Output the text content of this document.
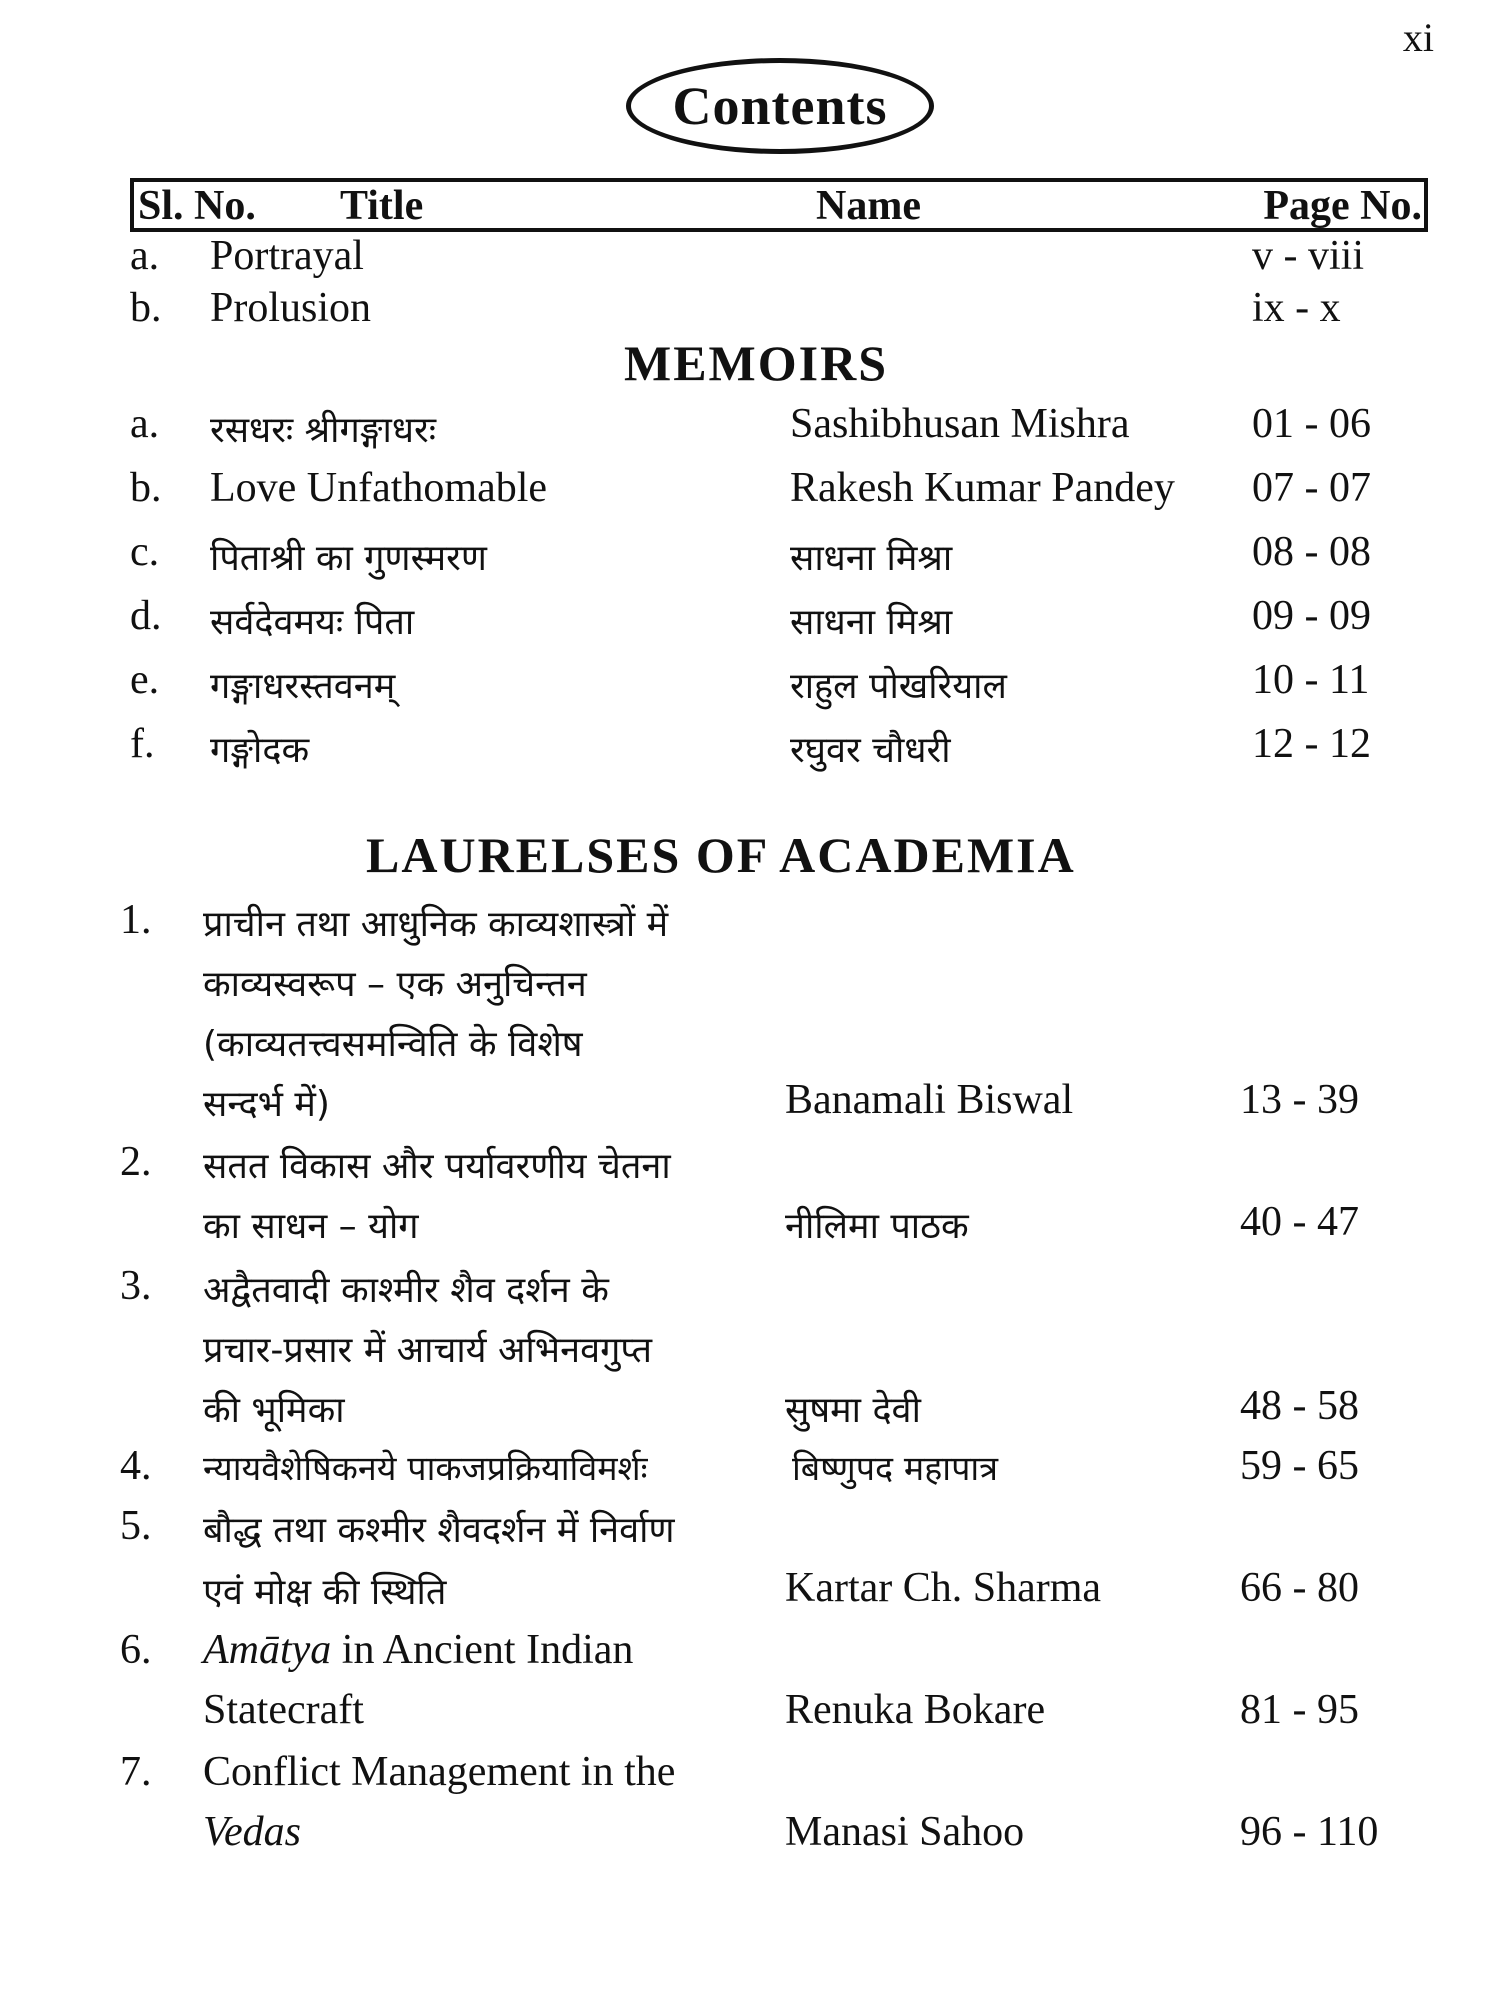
xi
Contents
Sl. No. Title	Name	Page No.
a. Portrayal	v - viii
b. Prolusion	ix - x
MEMOIRS
a. रसधरः श्रीगङ्गाधरः	Sashibhusan Mishra	01 - 06
b. Love Unfathomable	Rakesh Kumar Pandey 07 - 07
c. पिताश्री का गुणस्मरण	साधना मिश्रा	08 - 08
d. सर्वदेवमयः पिता	साधना मिश्रा	09 - 09
e. गङ्गाधरस्तवनम्	राहुल पोखरियाल	10 - 11
f. गङ्गोदक	रघुवर चौधरी	12 - 12
LAURELSES OF ACADEMIA
1. प्राचीन तथा आधुनिक काव्यशास्त्रों में
काव्यस्वरूप – एक अनुचिन्तन
(काव्यतत्त्वसमन्विति के विशेष
सन्दर्भ में)	Banamali Biswal	13 - 39
2. सतत विकास और पर्यावरणीय चेतना
का साधन – योग	नीलिमा पाठक	40 - 47
3. अद्वैतवादी काश्मीर शैव दर्शन के
प्रचार-प्रसार में आचार्य अभिनवगुप्त
की भूमिका	सुषमा देवी	48 - 58
4. न्यायवैशेषिकनये पाकजप्रक्रियाविमर्शः	बिष्णुपद महापात्र	59 - 65
5. बौद्ध तथा कश्मीर शैवदर्शन में निर्वाण
एवं मोक्ष की स्थिति	Kartar Ch. Sharma	66 - 80
6. Amātya in Ancient Indian
Statecraft	Renuka Bokare	81 - 95
7. Conflict Management in the
Vedas	Manasi Sahoo	96 - 110
